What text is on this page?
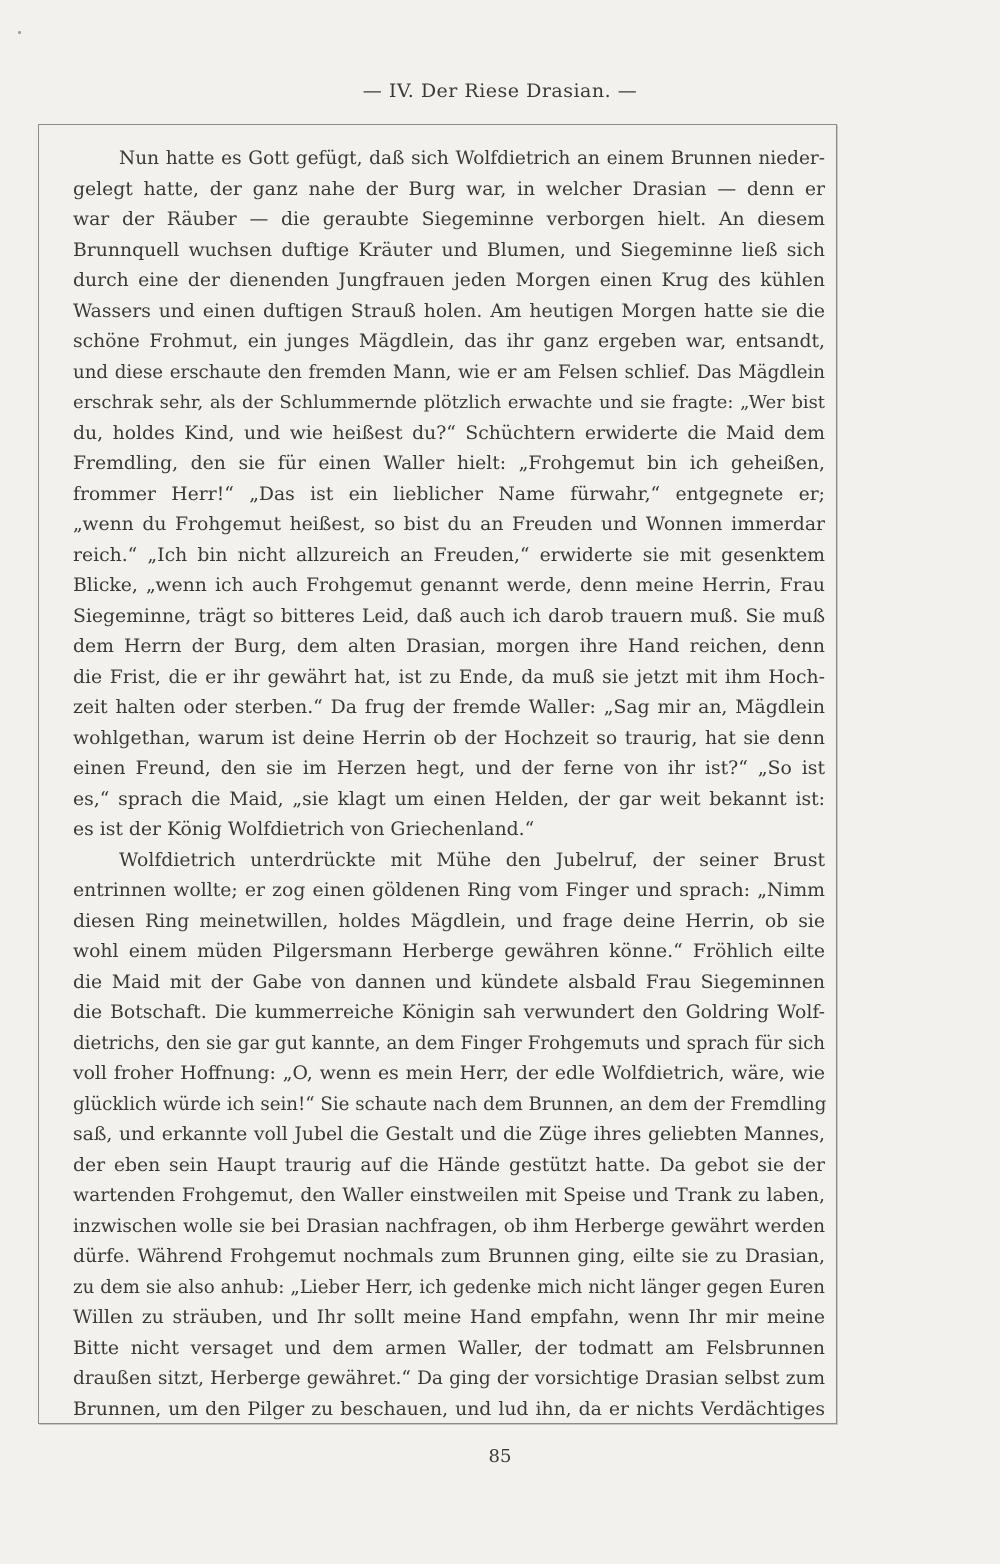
— IV. Der Riese Drasian. —
Nun hatte es Gott gefügt, daß sich Wolfdietrich an einem Brunnen nieder-
gelegt hatte, der ganz nahe der Burg war, in welcher Drasian — denn er
war der Räuber — die geraubte Siegeminne verborgen hielt. An diesem
Brunnquell wuchsen duftige Kräuter und Blumen, und Siegeminne ließ sich
durch eine der dienenden Jungfrauen jeden Morgen einen Krug des kühlen
Wassers und einen duftigen Strauß holen. Am heutigen Morgen hatte sie die
schöne Frohmut, ein junges Mägdlein, das ihr ganz ergeben war, entsandt,
und diese erschaute den fremden Mann, wie er am Felsen schlief. Das Mägdlein
erschrak sehr, als der Schlummernde plötzlich erwachte und sie fragte: „Wer bist
du, holdes Kind, und wie heißest du?“ Schüchtern erwiderte die Maid dem
Fremdling, den sie für einen Waller hielt: „Frohgemut bin ich geheißen,
frommer Herr!“ „Das ist ein lieblicher Name fürwahr,“ entgegnete er;
„wenn du Frohgemut heißest, so bist du an Freuden und Wonnen immerdar
reich.“ „Ich bin nicht allzureich an Freuden,“ erwiderte sie mit gesenktem
Blicke, „wenn ich auch Frohgemut genannt werde, denn meine Herrin, Frau
Siegeminne, trägt so bitteres Leid, daß auch ich darob trauern muß. Sie muß
dem Herrn der Burg, dem alten Drasian, morgen ihre Hand reichen, denn
die Frist, die er ihr gewährt hat, ist zu Ende, da muß sie jetzt mit ihm Hoch-
zeit halten oder sterben.“ Da frug der fremde Waller: „Sag mir an, Mägdlein
wohlgethan, warum ist deine Herrin ob der Hochzeit so traurig, hat sie denn
einen Freund, den sie im Herzen hegt, und der ferne von ihr ist?“ „So ist
es,“ sprach die Maid, „sie klagt um einen Helden, der gar weit bekannt ist:
es ist der König Wolfdietrich von Griechenland.“
Wolfdietrich unterdrückte mit Mühe den Jubelruf, der seiner Brust
entrinnen wollte; er zog einen göldenen Ring vom Finger und sprach: „Nimm
diesen Ring meinetwillen, holdes Mägdlein, und frage deine Herrin, ob sie
wohl einem müden Pilgersmann Herberge gewähren könne.“ Fröhlich eilte
die Maid mit der Gabe von dannen und kündete alsbald Frau Siegeminnen
die Botschaft. Die kummerreiche Königin sah verwundert den Goldring Wolf-
dietrichs, den sie gar gut kannte, an dem Finger Frohgemuts und sprach für sich
voll froher Hoffnung: „O, wenn es mein Herr, der edle Wolfdietrich, wäre, wie
glücklich würde ich sein!“ Sie schaute nach dem Brunnen, an dem der Fremdling
saß, und erkannte voll Jubel die Gestalt und die Züge ihres geliebten Mannes,
der eben sein Haupt traurig auf die Hände gestützt hatte. Da gebot sie der
wartenden Frohgemut, den Waller einstweilen mit Speise und Trank zu laben,
inzwischen wolle sie bei Drasian nachfragen, ob ihm Herberge gewährt werden
dürfe. Während Frohgemut nochmals zum Brunnen ging, eilte sie zu Drasian,
zu dem sie also anhub: „Lieber Herr, ich gedenke mich nicht länger gegen Euren
Willen zu sträuben, und Ihr sollt meine Hand empfahn, wenn Ihr mir meine
Bitte nicht versaget und dem armen Waller, der todmatt am Felsbrunnen
draußen sitzt, Herberge gewähret.“ Da ging der vorsichtige Drasian selbst zum
Brunnen, um den Pilger zu beschauen, und lud ihn, da er nichts Verdächtiges
85
